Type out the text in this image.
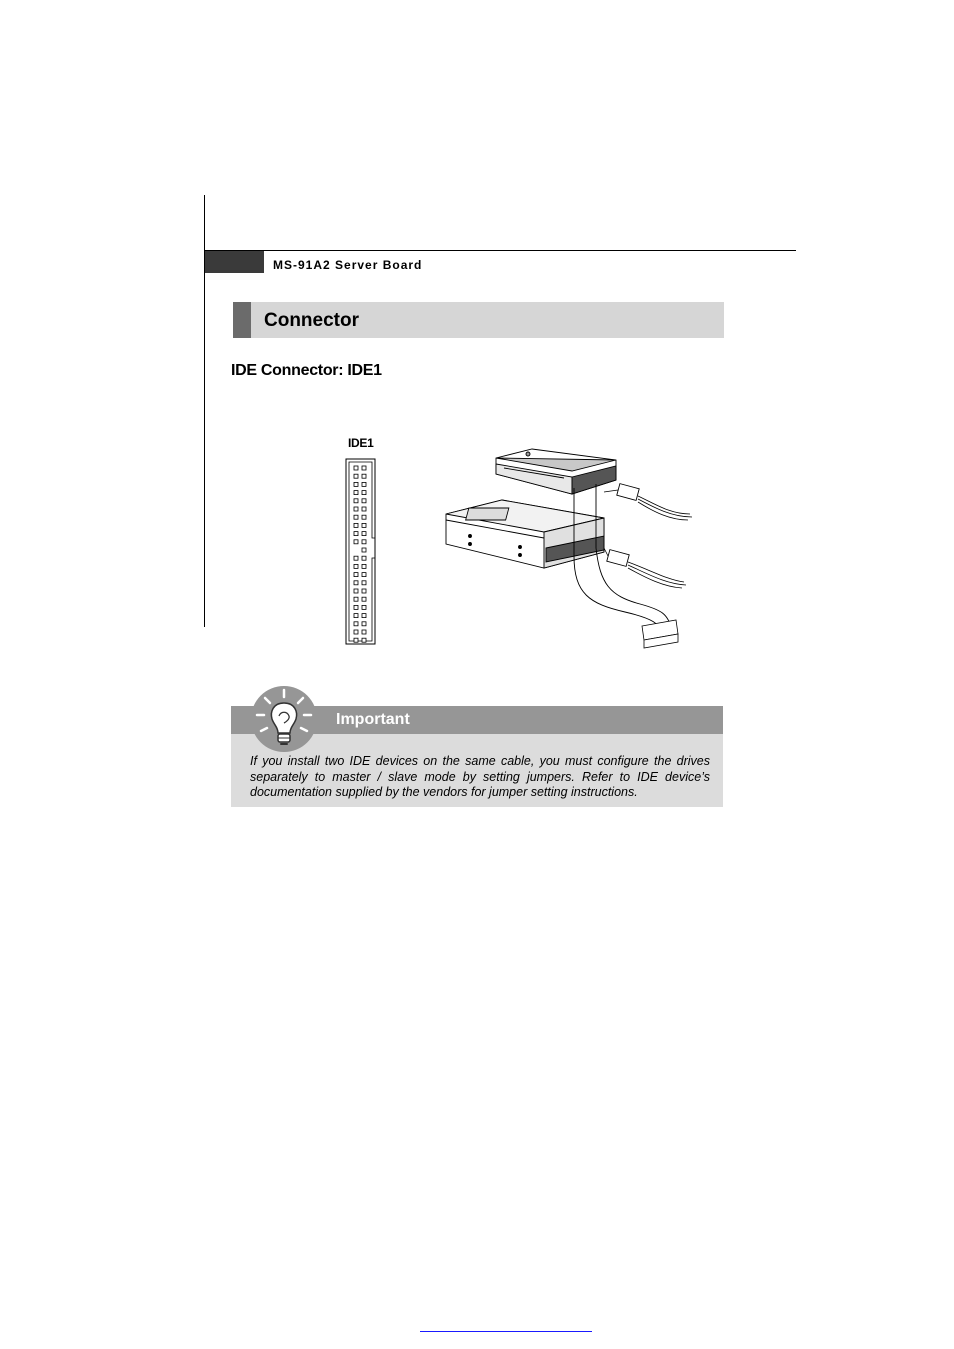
MS-91A2 Server Board
Connector
IDE Connector: IDE1
IDE1
Important
If you install two IDE devices on the same cable, you must configure the drives separately to master / slave mode by setting jumpers. Refer to IDE device’s documentation supplied by the vendors for jumper setting instructions.
